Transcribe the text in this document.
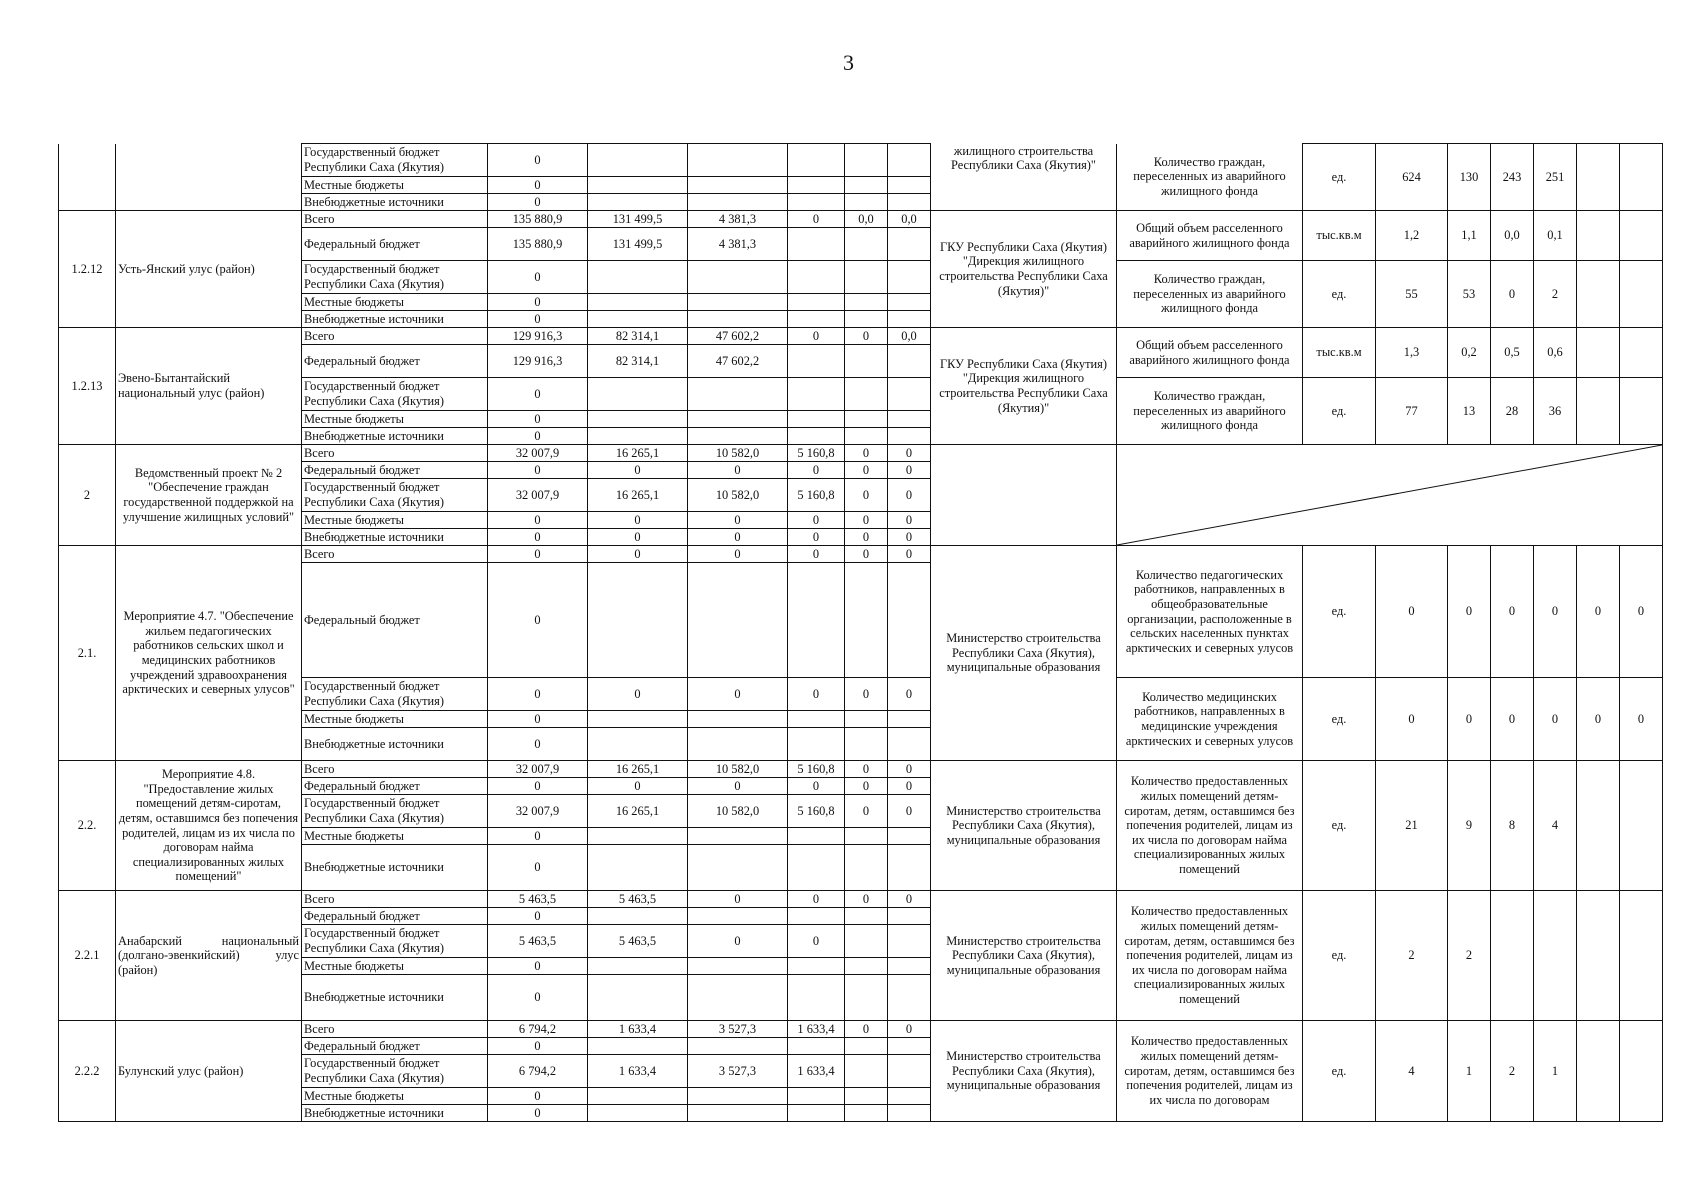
3
		Государственный бюджет Республики Саха (Якутия)	0						жилищного строительства Республики Саха (Якутия)"	Количество граждан, переселенных из аварийного жилищного фонда	ед.	624	130	243	251		
		Местные бюджеты	0														
		Внебюджетные источники	0														
1.2.12	Усть-Янский улус (район)	Всего	135 880,9	131 499,5	4 381,3	0	0,0	0,0	ГКУ Республики Саха (Якутия) "Дирекция жилищного строительства Республики Саха (Якутия)"	Общий объем расселенного аварийного жилищного фонда	тыс.кв.м	1,2	1,1	0,0	0,1		
		Федеральный бюджет	135 880,9	131 499,5	4 381,3												
		Государственный бюджет Республики Саха (Якутия)	0							Количество граждан, переселенных из аварийного жилищного фонда	ед.	55	53	0	2		
		Местные бюджеты	0														
		Внебюджетные источники	0														
1.2.13	Эвено-Бытантайский национальный улус (район)	Всего	129 916,3	82 314,1	47 602,2	0	0	0,0	ГКУ Республики Саха (Якутия) "Дирекция жилищного строительства Республики Саха (Якутия)"	Общий объем расселенного аварийного жилищного фонда	тыс.кв.м	1,3	0,2	0,5	0,6		
		Федеральный бюджет	129 916,3	82 314,1	47 602,2												
		Государственный бюджет Республики Саха (Якутия)	0							Количество граждан, переселенных из аварийного жилищного фонда	ед.	77	13	28	36		
		Местные бюджеты	0														
		Внебюджетные источники	0														
2	Ведомственный проект № 2 "Обеспечение граждан государственной поддержкой на улучшение жилищных условий"	Всего	32 007,9	16 265,1	10 582,0	5 160,8	0	0		

		Федеральный бюджет	0	0	0	0	0	0									
		Государственный бюджет Республики Саха (Якутия)	32 007,9	16 265,1	10 582,0	5 160,8	0	0									
		Местные бюджеты	0	0	0	0	0	0									
		Внебюджетные источники	0	0	0	0	0	0									
2.1.	Мероприятие 4.7. "Обеспечение жильем педагогических работников сельских школ и медицинских работников учреждений здравоохранения арктических и северных улусов"	Всего	0	0	0	0	0	0	Министерство строительства Республики Саха (Якутия), муниципальные образования	Количество педагогических работников, направленных в общеобразовательные организации, расположенные в сельских населенных пунктах арктических и северных улусов	ед.	0	0	0	0	0	0
		Федеральный бюджет	0														
		Государственный бюджет Республики Саха (Якутия)	0	0	0	0	0	0		Количество медицинских работников, направленных в медицинские учреждения арктических и северных улусов	ед.	0	0	0	0	0	0
		Местные бюджеты	0														
		Внебюджетные источники	0														
2.2.	Мероприятие 4.8. "Предоставление жилых помещений детям-сиротам, детям, оставшимся без попечения родителей, лицам из их числа по договорам найма специализированных жилых помещений"	Всего	32 007,9	16 265,1	10 582,0	5 160,8	0	0	Министерство строительства Республики Саха (Якутия), муниципальные образования	Количество предоставленных жилых помещений детям-сиротам, детям, оставшимся без попечения родителей, лицам из их числа по договорам найма специализированных жилых помещений	ед.	21	9	8	4		
		Федеральный бюджет	0	0	0	0	0	0									
		Государственный бюджет Республики Саха (Якутия)	32 007,9	16 265,1	10 582,0	5 160,8	0	0									
		Местные бюджеты	0														
		Внебюджетные источники	0														
2.2.1	Анабарский национальный (долгано-эвенкийский) улус (район)	Всего	5 463,5	5 463,5	0	0	0	0	Министерство строительства Республики Саха (Якутия), муниципальные образования	Количество предоставленных жилых помещений детям-сиротам, детям, оставшимся без попечения родителей, лицам из их числа по договорам найма специализированных жилых помещений	ед.	2	2				
		Федеральный бюджет	0														
		Государственный бюджет Республики Саха (Якутия)	5 463,5	5 463,5	0	0											
		Местные бюджеты	0														
		Внебюджетные источники	0														
2.2.2	Булунский улус (район)	Всего	6 794,2	1 633,4	3 527,3	1 633,4	0	0	Министерство строительства Республики Саха (Якутия), муниципальные образования	Количество предоставленных жилых помещений детям-сиротам, детям, оставшимся без попечения родителей, лицам из их числа по договорам	ед.	4	1	2	1		
		Федеральный бюджет	0														
		Государственный бюджет Республики Саха (Якутия)	6 794,2	1 633,4	3 527,3	1 633,4											
		Местные бюджеты	0														
		Внебюджетные источники	0														
